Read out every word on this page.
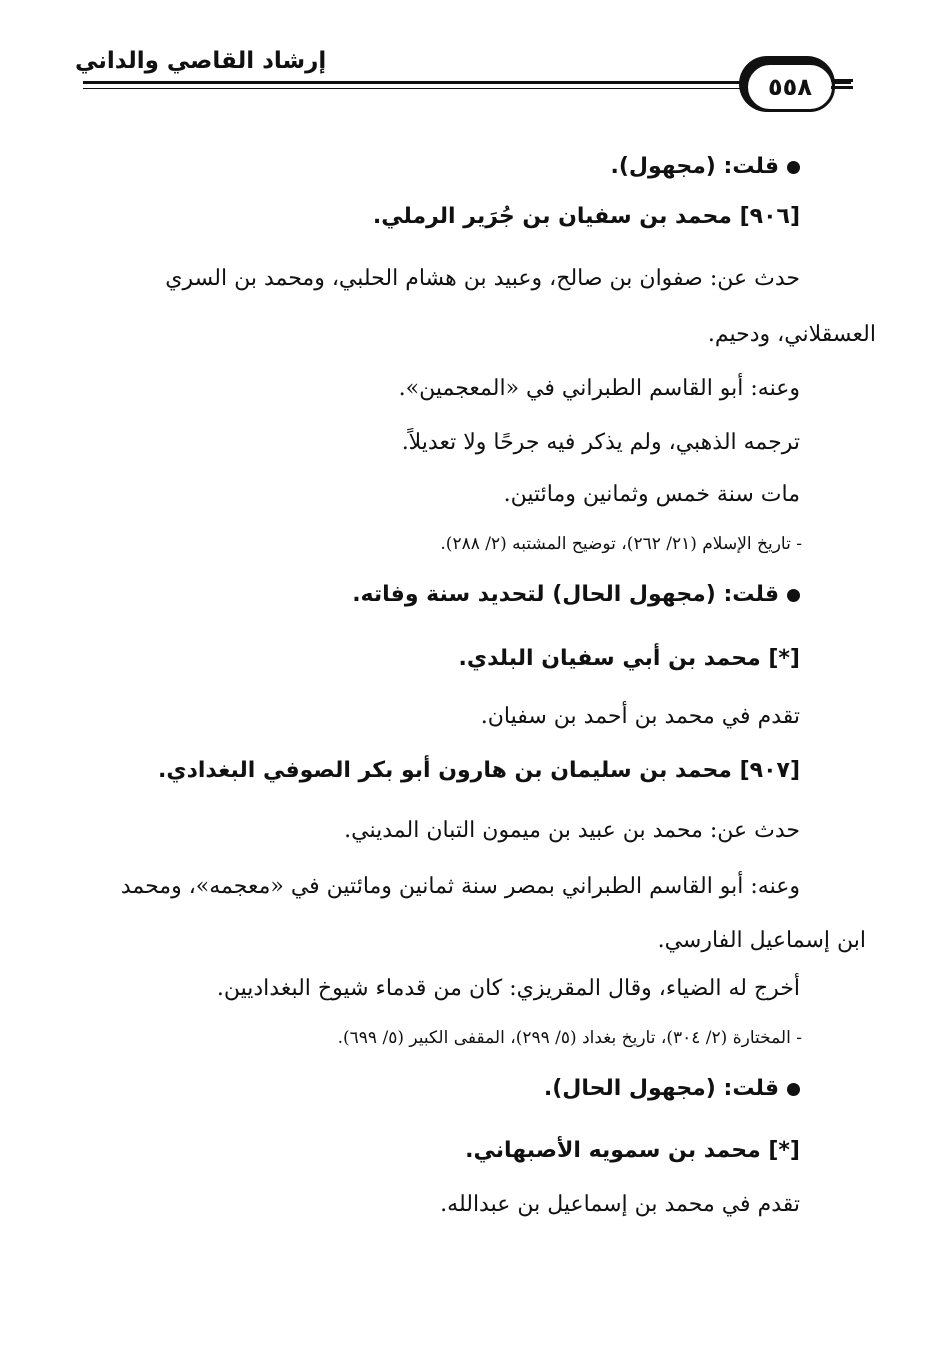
إرشاد القاصي والداني
٥٥٨
قلت: (مجهول).
[٩٠٦] محمد بن سفيان بن جُرَير الرملي.
حدث عن: صفوان بن صالح، وعبيد بن هشام الحلبي، ومحمد بن السري
العسقلاني، ودحيم.
وعنه: أبو القاسم الطبراني في «المعجمين».
ترجمه الذهبي، ولم يذكر فيه جرحًا ولا تعديلاً.
مات سنة خمس وثمانين ومائتين.
- تاريخ الإسلام (٢١/ ٢٦٢)، توضيح المشتبه (٢/ ٢٨٨).
قلت: (مجهول الحال) لتحديد سنة وفاته.
[*] محمد بن أبي سفيان البلدي.
تقدم في محمد بن أحمد بن سفيان.
[٩٠٧] محمد بن سليمان بن هارون أبو بكر الصوفي البغدادي.
حدث عن: محمد بن عبيد بن ميمون التبان المديني.
وعنه: أبو القاسم الطبراني بمصر سنة ثمانين ومائتين في «معجمه»، ومحمد
ابن إسماعيل الفارسي.
أخرج له الضياء، وقال المقريزي: كان من قدماء شيوخ البغداديين.
- المختارة (٢/ ٣٠٤)، تاريخ بغداد (٥/ ٢٩٩)، المقفى الكبير (٥/ ٦٩٩).
قلت: (مجهول الحال).
[*] محمد بن سمويه الأصبهاني.
تقدم في محمد بن إسماعيل بن عبدالله.
